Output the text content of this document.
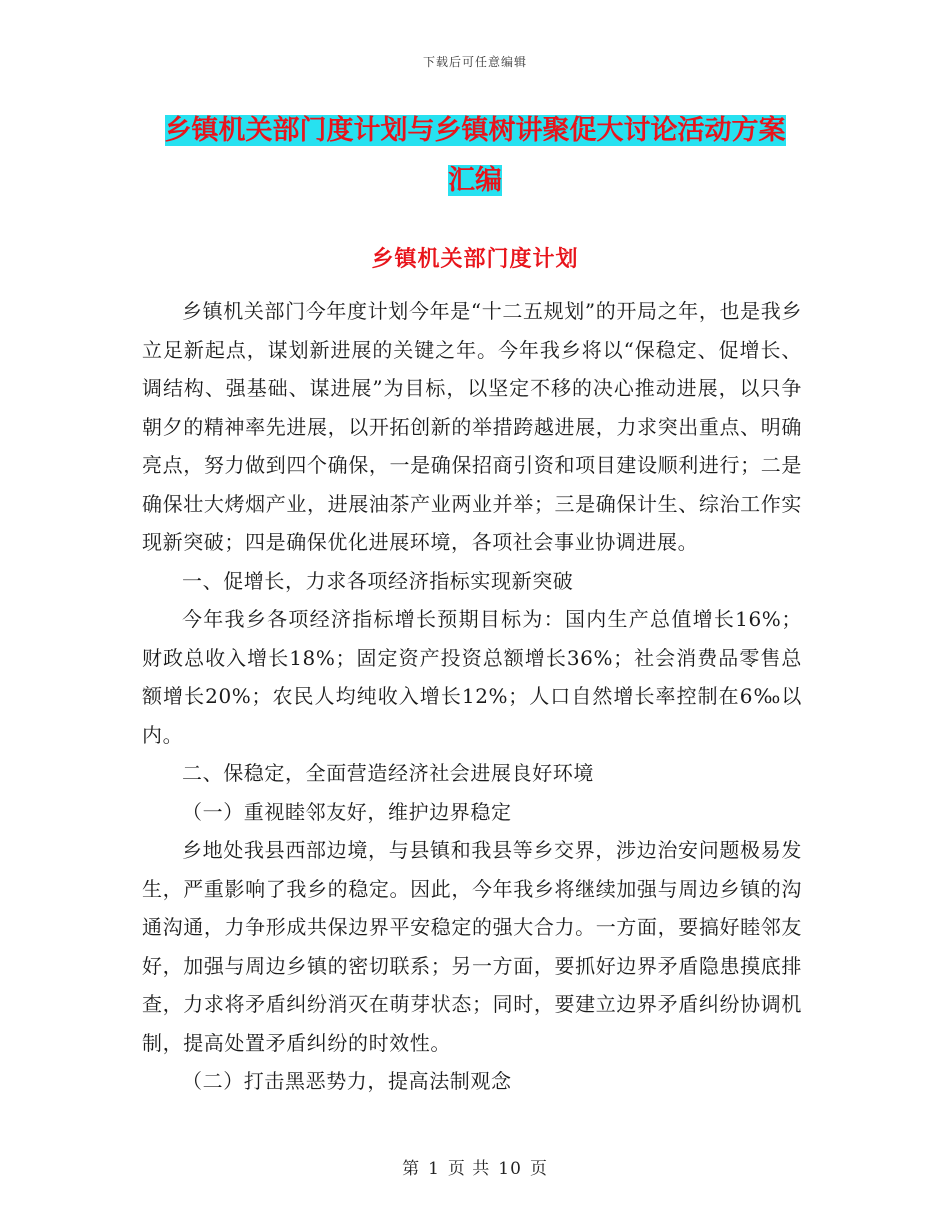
下载后可任意编辑
乡镇机关部门度计划与乡镇树讲聚促大讨论活动方案
汇编
乡镇机关部门度计划

乡镇机关部门今年度计划今年是“十二五规划”的开局之年，也是我乡立足新起点，谋划新进展的关键之年。今年我乡将以“保稳定、促增长、调结构、强基础、谋进展”为目标，以坚定不移的决心推动进展，以只争朝夕的精神率先进展，以开拓创新的举措跨越进展，力求突出重点、明确亮点，努力做到四个确保，一是确保招商引资和项目建设顺利进行；二是确保壮大烤烟产业，进展油茶产业两业并举；三是确保计生、综治工作实现新突破；四是确保优化进展环境，各项社会事业协调进展。

一、促增长，力求各项经济指标实现新突破

今年我乡各项经济指标增长预期目标为：国内生产总值增长16%；财政总收入增长18%；固定资产投资总额增长36%；社会消费品零售总额增长20%；农民人均纯收入增长12%；人口自然增长率控制在6‰以内。

二、保稳定，全面营造经济社会进展良好环境

（一）重视睦邻友好，维护边界稳定

乡地处我县西部边境，与县镇和我县等乡交界，涉边治安问题极易发生，严重影响了我乡的稳定。因此，今年我乡将继续加强与周边乡镇的沟通沟通，力争形成共保边界平安稳定的强大合力。一方面，要搞好睦邻友好，加强与周边乡镇的密切联系；另一方面，要抓好边界矛盾隐患摸底排查，力求将矛盾纠纷消灭在萌芽状态；同时，要建立边界矛盾纠纷协调机制，提高处置矛盾纠纷的时效性。

（二）打击黑恶势力，提高法制观念

第 1 页 共 10 页
